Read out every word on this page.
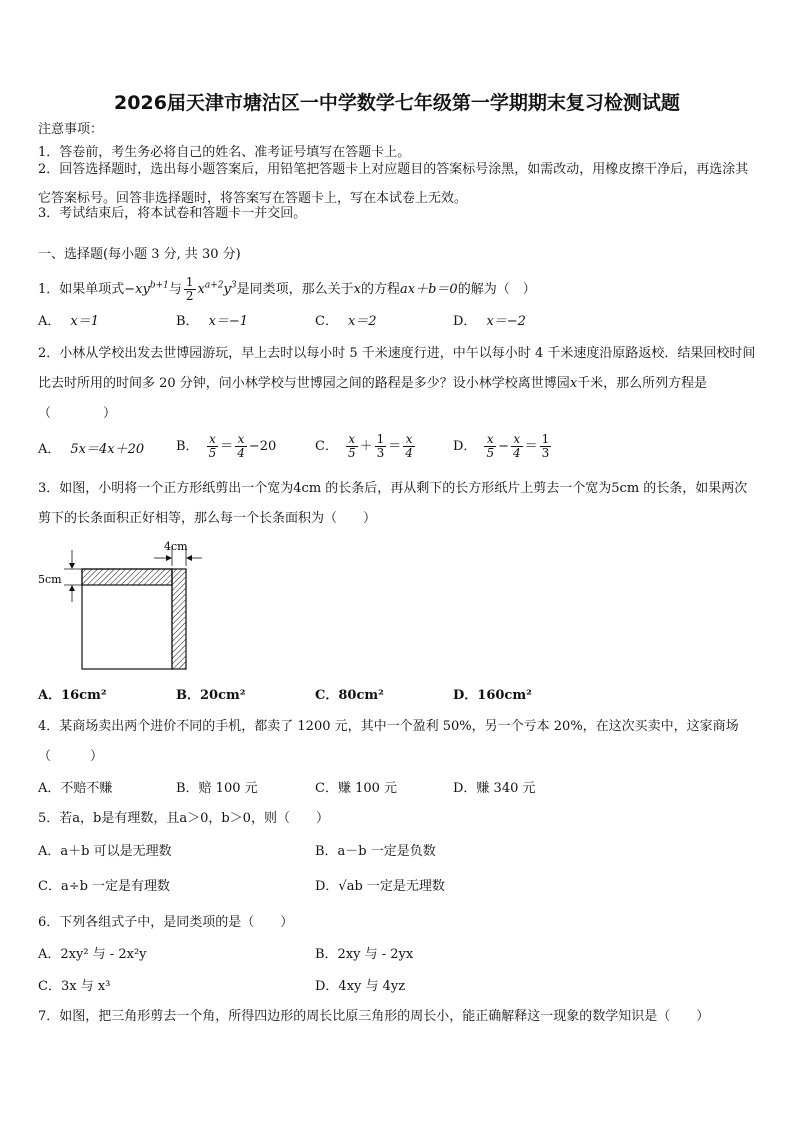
2026届天津市塘沽区一中学数学七年级第一学期期末复习检测试题
注意事项：
1．答卷前，考生务必将自己的姓名、准考证号填写在答题卡上。
2．回答选择题时，选出每小题答案后，用铅笔把答题卡上对应题目的答案标号涂黑，如需改动，用橡皮擦干净后，再选涂其它答案标号。回答非选择题时，将答案写在答题卡上，写在本试卷上无效。
3．考试结束后，将本试卷和答题卡一并交回。
一、选择题(每小题 3 分, 共 30 分)
1．如果单项式$-xy^{b+1}$与 $\frac{1}{2} x^{a+2}y^3$是同类项，那么关于x的方程ax＋b＝0的解为（　）
A． x＝1	B． x＝−1	C． x＝2	D． x＝−2
2．小林从学校出发去世博园游玩，早上去时以每小时 5 千米速度行进，中午以每小时 4 千米速度沿原路返校．结果回校时间比去时所用的时间多 20 分钟，问小林学校与世博园之间的路程是多少？设小林学校离世博园x千米，那么所列方程是（　　　　）
A． 5x＝4x＋20 B． $\frac{x}{5} = \frac{x}{4} -20$	C． $\frac{x}{5} + \frac{1}{3} = \frac{x}{4}$	D． $\frac{x}{5} - \frac{x}{4} = \frac{1}{3}$
3．如图，小明将一个正方形纸剪出一个宽为4cm 的长条后，再从剩下的长方形纸片上剪去一个宽为5cm 的长条，如果两次剪下的长条面积正好相等，那么每一个长条面积为（　　）
4cm
5cm
A．16cm²	B．20cm²	C．80cm²	D．160cm²
4．某商场卖出两个进价不同的手机，都卖了 1200 元，其中一个盈利 50%，另一个亏本 20%，在这次买卖中，这家商场（　　　）
A．不赔不赚	B．赔 100 元	C．赚 100 元	D．赚 340 元
5．若a，b是有理数，且a＞0，b＞0，则（　　）
A．a＋b 可以是无理数	B．a－b 一定是负数
C．a÷b 一定是有理数	D．√ab 一定是无理数
6．下列各组式子中，是同类项的是（　　）
A．2xy² 与 - 2x²y	B．2xy 与 - 2yx
C．3x 与 x³	D．4xy 与 4yz
7．如图，把三角形剪去一个角，所得四边形的周长比原三角形的周长小，能正确解释这一现象的数学知识是（　　）
